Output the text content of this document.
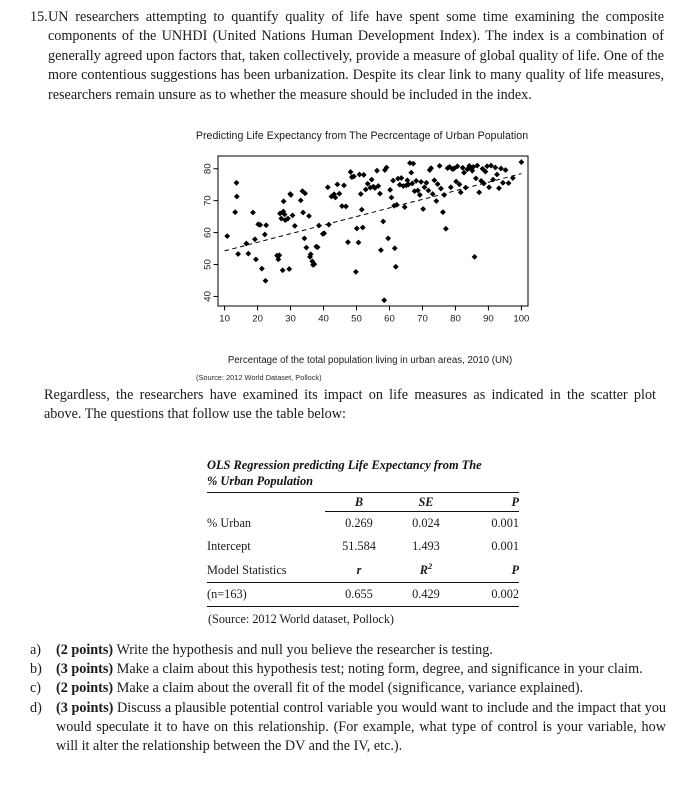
15. UN researchers attempting to quantify quality of life have spent some time examining the composite components of the UNHDI (United Nations Human Development Index). The index is a combination of generally agreed upon factors that, taken collectively, provide a measure of global quality of life. One of the more contentious suggestions has been urbanization. Despite its clear link to many quality of life measures, researchers remain unsure as to whether the measure should be included in the index.
Predicting Life Expectancy from The Pecrcentage of Urban Population
10 20 30 40 50 60 70 80 90 100
40
50
60
70
80
Percentage of the total population living in urban areas, 2010 (UN)
(Source: 2012 World Dataset, Pollock)
Regardless, the researchers have examined its impact on life measures as indicated in the scatter plot above. The questions that follow use the table below:
OLS Regression predicting Life Expectancy from The
% Urban Population
	B	SE	P
% Urban	0.269	0.024	0.001
Intercept	51.584	1.493	0.001
Model Statistics	r	$R^2$	P
(n=163)	0.655	0.429	0.002
(Source: 2012 World dataset, Pollock)
a)	(2 points) Write the hypothesis and null you believe the researcher is testing.
b) (3 points) Make a claim about this hypothesis test; noting form, degree, and significance in your claim.
c)	(2 points) Make a claim about the overall fit of the model (significance, variance explained).
d) (3 points) Discuss a plausible potential control variable you would want to include and the impact that you would speculate it to have on this relationship. (For example, what type of control is your variable, how will it alter the relationship between the DV and the IV, etc.).
